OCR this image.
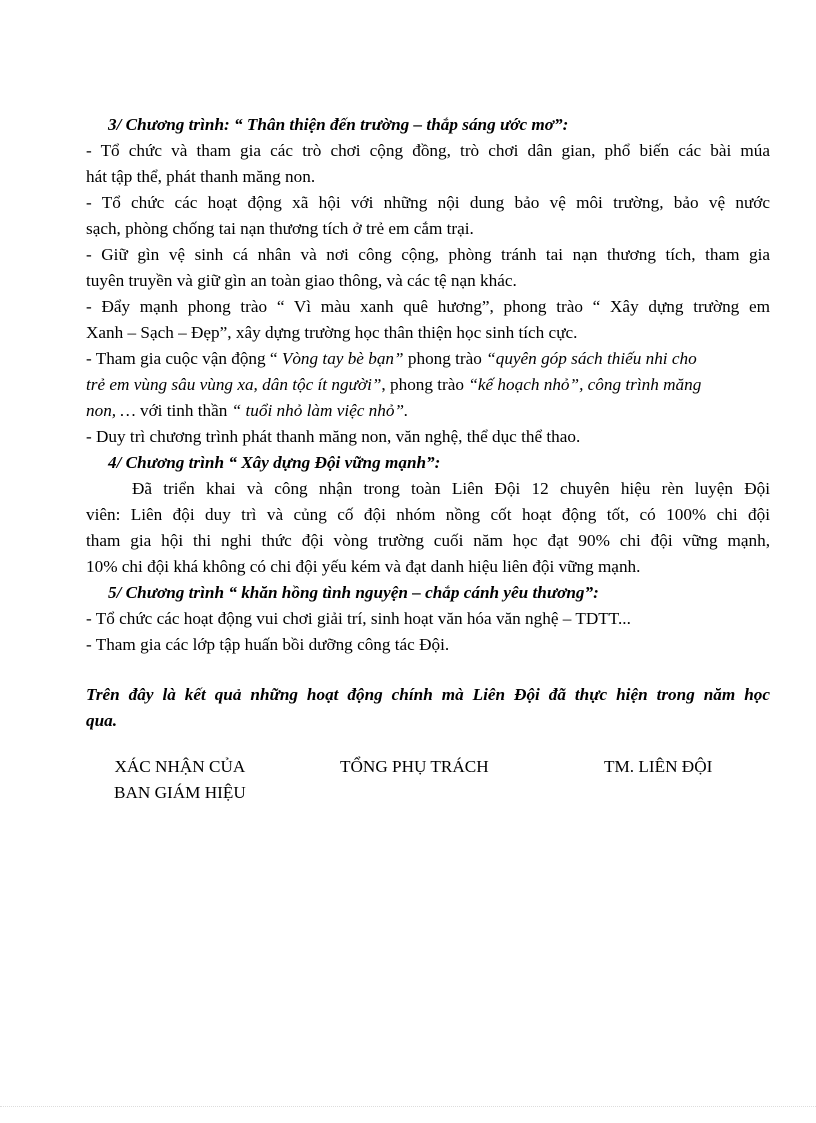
3/ Chương trình: “ Thân thiện đến trường – thắp sáng ước mơ”:
- Tổ chức và tham gia các trò chơi cộng đồng, trò chơi dân gian, phổ biến các bài múa
hát tập thể, phát thanh măng non.
- Tổ chức các hoạt động xã hội với những nội dung bảo vệ môi trường, bảo vệ nước
sạch, phòng chống tai nạn thương tích ở trẻ em cắm trại.
- Giữ gìn vệ sinh cá nhân và nơi công cộng, phòng tránh tai nạn thương tích, tham gia
tuyên truyền và giữ gìn an toàn giao thông, và các tệ nạn khác.
- Đẩy mạnh phong trào “ Vì màu xanh quê hương”, phong trào “ Xây dựng trường em
Xanh – Sạch – Đẹp”, xây dựng trường học thân thiện học sinh tích cực.
- Tham gia cuộc vận động “ Vòng tay bè bạn” phong trào “quyên góp sách thiếu nhi cho
trẻ em vùng sâu vùng xa, dân tộc ít người”, phong trào “kế hoạch nhỏ”, công trình măng
non, … với tinh thần “ tuổi nhỏ làm việc nhỏ”.
- Duy trì chương trình phát thanh măng non, văn nghệ, thể dục thể thao.
4/ Chương trình “ Xây dựng Đội vững mạnh”:
Đã triển khai và công nhận trong toàn Liên Đội 12 chuyên hiệu rèn luyện Đội
viên: Liên đội duy trì và củng cố đội nhóm nồng cốt hoạt động tốt, có 100% chi đội
tham gia hội thi nghi thức đội vòng trường cuối năm học đạt 90% chi đội vững mạnh,
10% chi đội khá không có chi đội yếu kém và đạt danh hiệu liên đội vững mạnh.
5/ Chương trình “ khăn hồng tình nguyện – chắp cánh yêu thương”:
- Tổ chức các hoạt động vui chơi giải trí, sinh hoạt văn hóa văn nghệ – TDTT...
- Tham gia các lớp tập huấn bồi dưỡng công tác Đội.
Trên đây là kết quả những hoạt động chính mà Liên Đội đã thực hiện trong năm học
qua.
XÁC NHẬN CỦA
BAN GIÁM HIỆU
TỔNG PHỤ TRÁCH	TM. LIÊN ĐỘI
